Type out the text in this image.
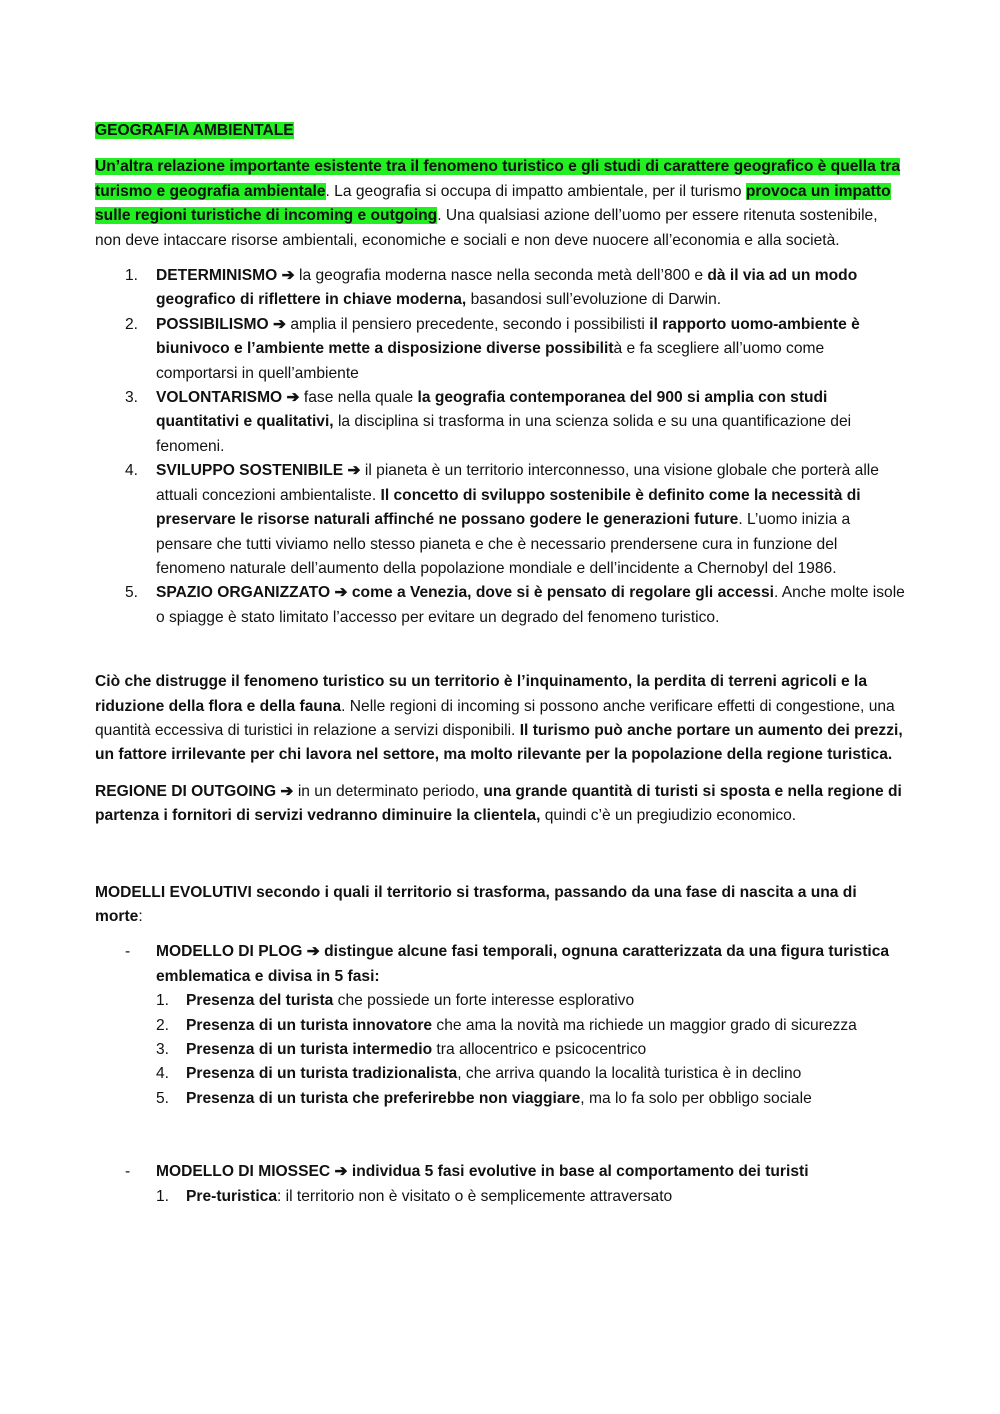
GEOGRAFIA AMBIENTALE

Un’altra relazione importante esistente tra il fenomeno turistico e gli studi di carattere geografico è quella tra turismo e geografia ambientale. La geografia si occupa di impatto ambientale, per il turismo provoca un impatto sulle regioni turistiche di incoming e outgoing. Una qualsiasi azione dell’uomo per essere ritenuta sostenibile, non deve intaccare risorse ambientali, economiche e sociali e non deve nuocere all’economia e alla società.

1. DETERMINISMO ➔ la geografia moderna nasce nella seconda metà dell’800 e dà il via ad un modo geografico di riflettere in chiave moderna, basandosi sull’evoluzione di Darwin.
2. POSSIBILISMO ➔ amplia il pensiero precedente, secondo i possibilisti il rapporto uomo-ambiente è biunivoco e l’ambiente mette a disposizione diverse possibilità e fa scegliere all’uomo come comportarsi in quell’ambiente
3. VOLONTARISMO ➔ fase nella quale la geografia contemporanea del 900 si amplia con studi quantitativi e qualitativi, la disciplina si trasforma in una scienza solida e su una quantificazione dei fenomeni.
4. SVILUPPO SOSTENIBILE ➔ il pianeta è un territorio interconnesso, una visione globale che porterà alle attuali concezioni ambientaliste. Il concetto di sviluppo sostenibile è definito come la necessità di preservare le risorse naturali affinché ne possano godere le generazioni future. L’uomo inizia a pensare che tutti viviamo nello stesso pianeta e che è necessario prendersene cura in funzione del fenomeno naturale dell’aumento della popolazione mondiale e dell’incidente a Chernobyl del 1986.
5. SPAZIO ORGANIZZATO ➔ come a Venezia, dove si è pensato di regolare gli accessi. Anche molte isole o spiagge è stato limitato l’accesso per evitare un degrado del fenomeno turistico.

Ciò che distrugge il fenomeno turistico su un territorio è l’inquinamento, la perdita di terreni agricoli e la riduzione della flora e della fauna. Nelle regioni di incoming si possono anche verificare effetti di congestione, una quantità eccessiva di turistici in relazione a servizi disponibili. Il turismo può anche portare un aumento dei prezzi, un fattore irrilevante per chi lavora nel settore, ma molto rilevante per la popolazione della regione turistica.

REGIONE DI OUTGOING ➔ in un determinato periodo, una grande quantità di turisti si sposta e nella regione di partenza i fornitori di servizi vedranno diminuire la clientela, quindi c’è un pregiudizio economico.

MODELLI EVOLUTIVI secondo i quali il territorio si trasforma, passando da una fase di nascita a una di morte:

- MODELLO DI PLOG ➔ distingue alcune fasi temporali, ognuna caratterizzata da una figura turistica emblematica e divisa in 5 fasi:
1. Presenza del turista che possiede un forte interesse esplorativo
2. Presenza di un turista innovatore che ama la novità ma richiede un maggior grado di sicurezza
3. Presenza di un turista intermedio tra allocentrico e psicocentrico
4. Presenza di un turista tradizionalista, che arriva quando la località turistica è in declino
5. Presenza di un turista che preferirebbe non viaggiare, ma lo fa solo per obbligo sociale
- MODELLO DI MIOSSEC ➔ individua 5 fasi evolutive in base al comportamento dei turisti
1. Pre-turistica: il territorio non è visitato o è semplicemente attraversato
